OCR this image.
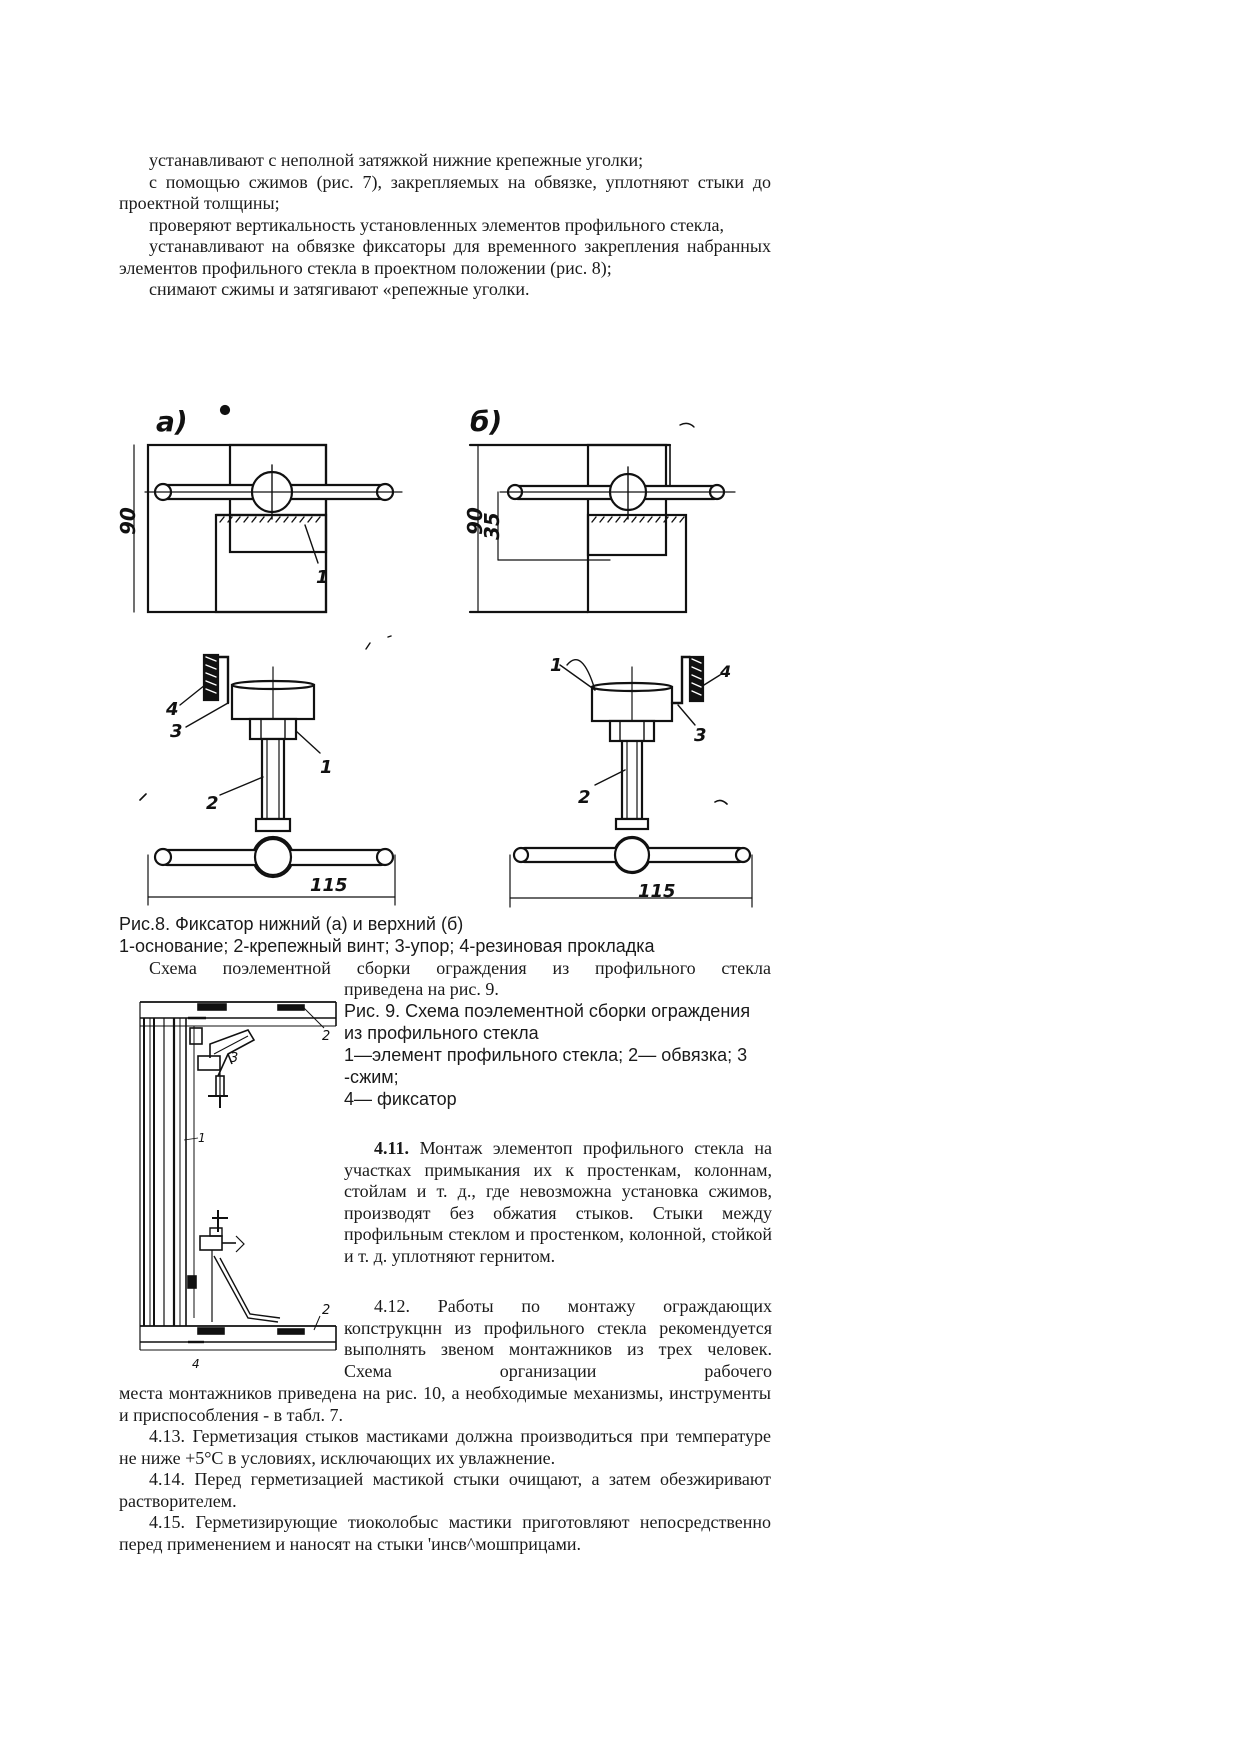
устанавливают с неполной затяжкой нижние крепежные уголки;

с помощью сжимов (рис. 7), закрепляемых на обвязке, уплотняют стыки до проектной толщины;

проверяют вертикальность установленных элементов профильного стекла,

устанавливают на обвязке фиксаторы для временного закрепления набранных элементов профильного стекла в проектном положении (рис. 8);

снимают сжимы и затягивают «репежные уголки.

а)
90
1
б)
90
35
115
4
3
1
2
115
1	4
3
2
Рис.8. Фиксатор нижний (а) и верхний (б)
1-основание; 2-крепежный винт; 3-упор; 4-резиновая прокладка
Схема поэлементной сборки ограждения из профильного стекла
приведена на рис. 9.
2
3
1
2
4
Рис. 9. Схема поэлементной сборки ограждения из профильного стекла
1—элемент профильного стекла; 2— обвязка; 3 -сжим;
4— фиксатор

4.11. Монтаж элементоп профильного стекла на участках примыкания их к простенкам, колоннам, стойлам и т. д., где невозможна установка сжимов, производят без обжатия стыков. Стыки между профильным стеклом и простенком, колонной, стойкой и т. д. уплотняют гернитом.

4.12. Работы по монтажу ограждающих копструкцнн из профильного стекла рекомендуется выполнять звеном монтажников из трех человек. Схема организации рабочего

места монтажников приведена на рис. 10, а необходимые механизмы, инструменты и приспособления - в табл. 7.

4.13. Герметизация стыков мастиками должна производиться при температуре не ниже +5°С в условиях, исключающих их увлажнение.

4.14. Перед герметизацией мастикой стыки очищают, а затем обезжиривают растворителем.

4.15. Герметизирующие тиоколобыс мастики приготовляют непосредственно перед применением и наносят на стыки 'инсв^мошприцами.
